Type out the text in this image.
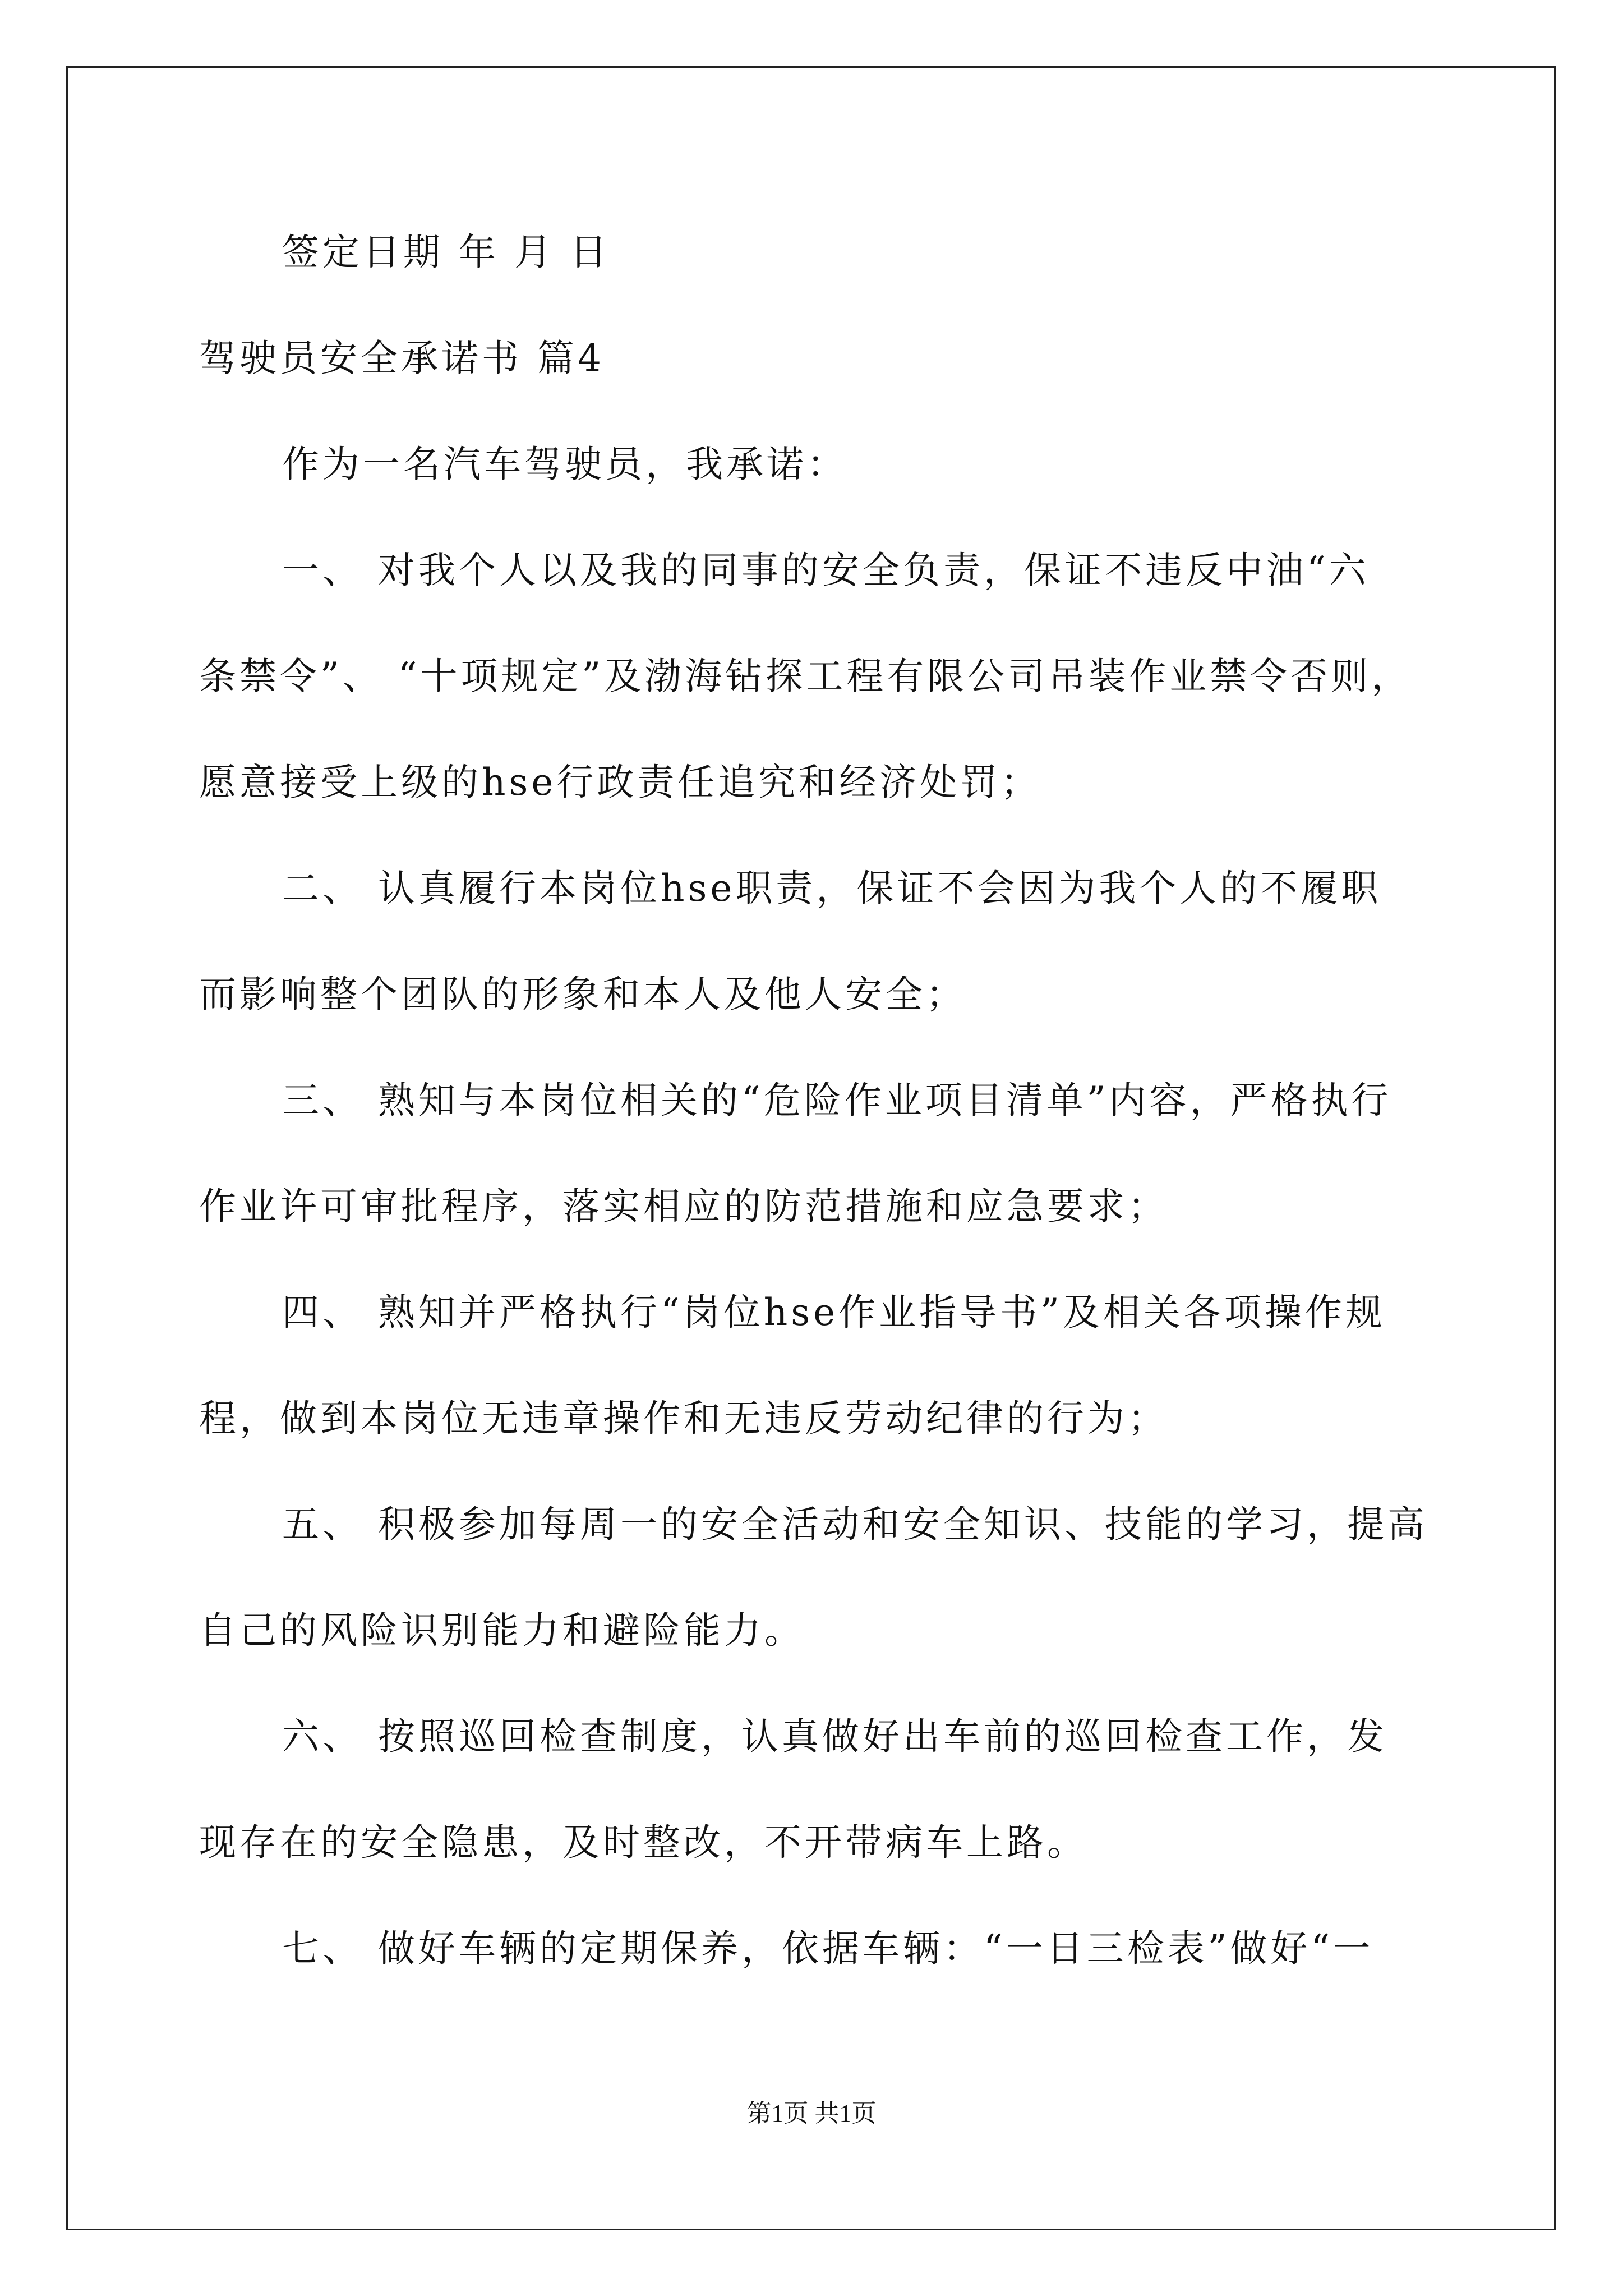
签定日期 年 月 日
驾驶员安全承诺书 篇4
作为一名汽车驾驶员，我承诺：
一、 对我个人以及我的同事的安全负责，保证不违反中油“六
条禁令”、 “十项规定”及渤海钻探工程有限公司吊装作业禁令否则，
愿意接受上级的hse行政责任追究和经济处罚；
二、 认真履行本岗位hse职责，保证不会因为我个人的不履职
而影响整个团队的形象和本人及他人安全；
三、 熟知与本岗位相关的“危险作业项目清单”内容，严格执行
作业许可审批程序，落实相应的防范措施和应急要求；
四、 熟知并严格执行“岗位hse作业指导书”及相关各项操作规
程，做到本岗位无违章操作和无违反劳动纪律的行为；
五、 积极参加每周一的安全活动和安全知识、技能的学习，提高
自己的风险识别能力和避险能力。
六、 按照巡回检查制度，认真做好出车前的巡回检查工作，发
现存在的安全隐患，及时整改，不开带病车上路。
七、 做好车辆的定期保养，依据车辆：“一日三检表”做好“一
第1页 共1页
